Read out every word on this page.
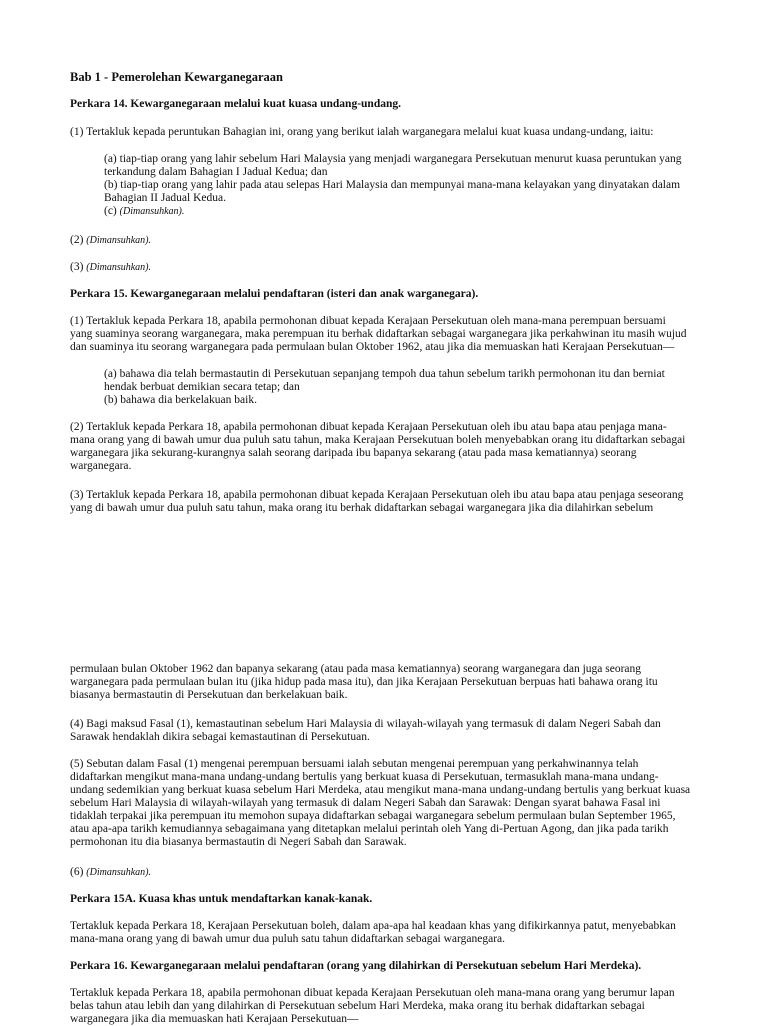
Bab 1 - Pemerolehan Kewarganegaraan
Perkara 14. Kewarganegaraan melalui kuat kuasa undang-undang.

(1) Tertakluk kepada peruntukan Bahagian ini, orang yang berikut ialah warganegara melalui kuat kuasa undang-undang, iaitu:

(a) tiap-tiap orang yang lahir sebelum Hari Malaysia yang menjadi warganegara Persekutuan menurut kuasa peruntukan yang
terkandung dalam Bahagian I Jadual Kedua; dan
(b) tiap-tiap orang yang lahir pada atau selepas Hari Malaysia dan mempunyai mana-mana kelayakan yang dinyatakan dalam
Bahagian II Jadual Kedua.
(c) (Dimansuhkan).

(2) (Dimansuhkan).

(3) (Dimansuhkan).

Perkara 15. Kewarganegaraan melalui pendaftaran (isteri dan anak warganegara).

(1) Tertakluk kepada Perkara 18, apabila permohonan dibuat kepada Kerajaan Persekutuan oleh mana-mana perempuan bersuami
yang suaminya seorang warganegara, maka perempuan itu berhak didaftarkan sebagai warganegara jika perkahwinan itu masih wujud
dan suaminya itu seorang warganegara pada permulaan bulan Oktober 1962, atau jika dia memuaskan hati Kerajaan Persekutuan—

(a) bahawa dia telah bermastautin di Persekutuan sepanjang tempoh dua tahun sebelum tarikh permohonan itu dan berniat
hendak berbuat demikian secara tetap; dan
(b) bahawa dia berkelakuan baik.

(2) Tertakluk kepada Perkara 18, apabila permohonan dibuat kepada Kerajaan Persekutuan oleh ibu atau bapa atau penjaga mana-
mana orang yang di bawah umur dua puluh satu tahun, maka Kerajaan Persekutuan boleh menyebabkan orang itu didaftarkan sebagai
warganegara jika sekurang-kurangnya salah seorang daripada ibu bapanya sekarang (atau pada masa kematiannya) seorang
warganegara.

(3) Tertakluk kepada Perkara 18, apabila permohonan dibuat kepada Kerajaan Persekutuan oleh ibu atau bapa atau penjaga seseorang
yang di bawah umur dua puluh satu tahun, maka orang itu berhak didaftarkan sebagai warganegara jika dia dilahirkan sebelum

permulaan bulan Oktober 1962 dan bapanya sekarang (atau pada masa kematiannya) seorang warganegara dan juga seorang
warganegara pada permulaan bulan itu (jika hidup pada masa itu), dan jika Kerajaan Persekutuan berpuas hati bahawa orang itu
biasanya bermastautin di Persekutuan dan berkelakuan baik.

(4) Bagi maksud Fasal (1), kemastautinan sebelum Hari Malaysia di wilayah-wilayah yang termasuk di dalam Negeri Sabah dan
Sarawak hendaklah dikira sebagai kemastautinan di Persekutuan.

(5) Sebutan dalam Fasal (1) mengenai perempuan bersuami ialah sebutan mengenai perempuan yang perkahwinannya telah
didaftarkan mengikut mana-mana undang-undang bertulis yang berkuat kuasa di Persekutuan, termasuklah mana-mana undang-
undang sedemikian yang berkuat kuasa sebelum Hari Merdeka, atau mengikut mana-mana undang-undang bertulis yang berkuat kuasa
sebelum Hari Malaysia di wilayah-wilayah yang termasuk di dalam Negeri Sabah dan Sarawak: Dengan syarat bahawa Fasal ini
tidaklah terpakai jika perempuan itu memohon supaya didaftarkan sebagai warganegara sebelum permulaan bulan September 1965,
atau apa-apa tarikh kemudiannya sebagaimana yang ditetapkan melalui perintah oleh Yang di-Pertuan Agong, dan jika pada tarikh
permohonan itu dia biasanya bermastautin di Negeri Sabah dan Sarawak.

(6) (Dimansuhkan).

Perkara 15A. Kuasa khas untuk mendaftarkan kanak-kanak.

Tertakluk kepada Perkara 18, Kerajaan Persekutuan boleh, dalam apa-apa hal keadaan khas yang difikirkannya patut, menyebabkan
mana-mana orang yang di bawah umur dua puluh satu tahun didaftarkan sebagai warganegara.

Perkara 16. Kewarganegaraan melalui pendaftaran (orang yang dilahirkan di Persekutuan sebelum Hari Merdeka).

Tertakluk kepada Perkara 18, apabila permohonan dibuat kepada Kerajaan Persekutuan oleh mana-mana orang yang berumur lapan
belas tahun atau lebih dan yang dilahirkan di Persekutuan sebelum Hari Merdeka, maka orang itu berhak didaftarkan sebagai
warganegara jika dia memuaskan hati Kerajaan Persekutuan—
